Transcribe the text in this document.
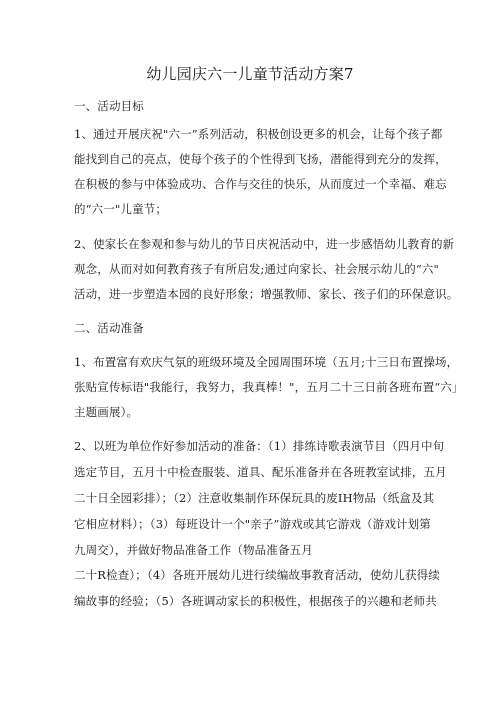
幼儿园庆六一儿童节活动方案7
一、活动目标
1、通过开展庆祝"六一”系列活动，积极创设更多的机会，让每个孩子都
能找到自己的亮点，使每个孩子的个性得到飞扬，潜能得到充分的发挥，
在积极的参与中体验成功、合作与交往的快乐，从而度过一个幸福、难忘
的“六一"儿童节；
2、使家长在参观和参与幼儿的节日庆祝活动中，进一步感悟幼儿教育的新
观念，从而对如何教育孩子有所启发;通过向家长、社会展示幼儿的“六"
活动，进一步塑造本园的良好形象；增强教师、家长、孩子们的环保意识。
二、活动准备
1、布置富有欢庆气氛的班级环境及全园周围环境（五月;十三日布置操场，
张贴宣传标语"我能行，我努力，我真棒！"，五月二十三日前各班布置“六」
主题画展）。
2、以班为单位作好参加活动的准备：（1）排练诗歌表演节目（四月中旬
选定节目，五月十中检查服装、道具、配乐准备并在各班教室试排，五月
二十日全园彩排）；（2）注意收集制作环保玩具的废IH物品（纸盒及其
它相应材料）；（3）每班设计一个"亲子”游戏或其它游戏（游戏计划第
九周交），并做好物品准备工作（物品准备五月
二十R检查）；（4）各班开展幼儿进行续编故事教育活动，使幼儿获得续
编故事的经验；（5）各班调动家长的积极性，根据孩子的兴趣和老师共
